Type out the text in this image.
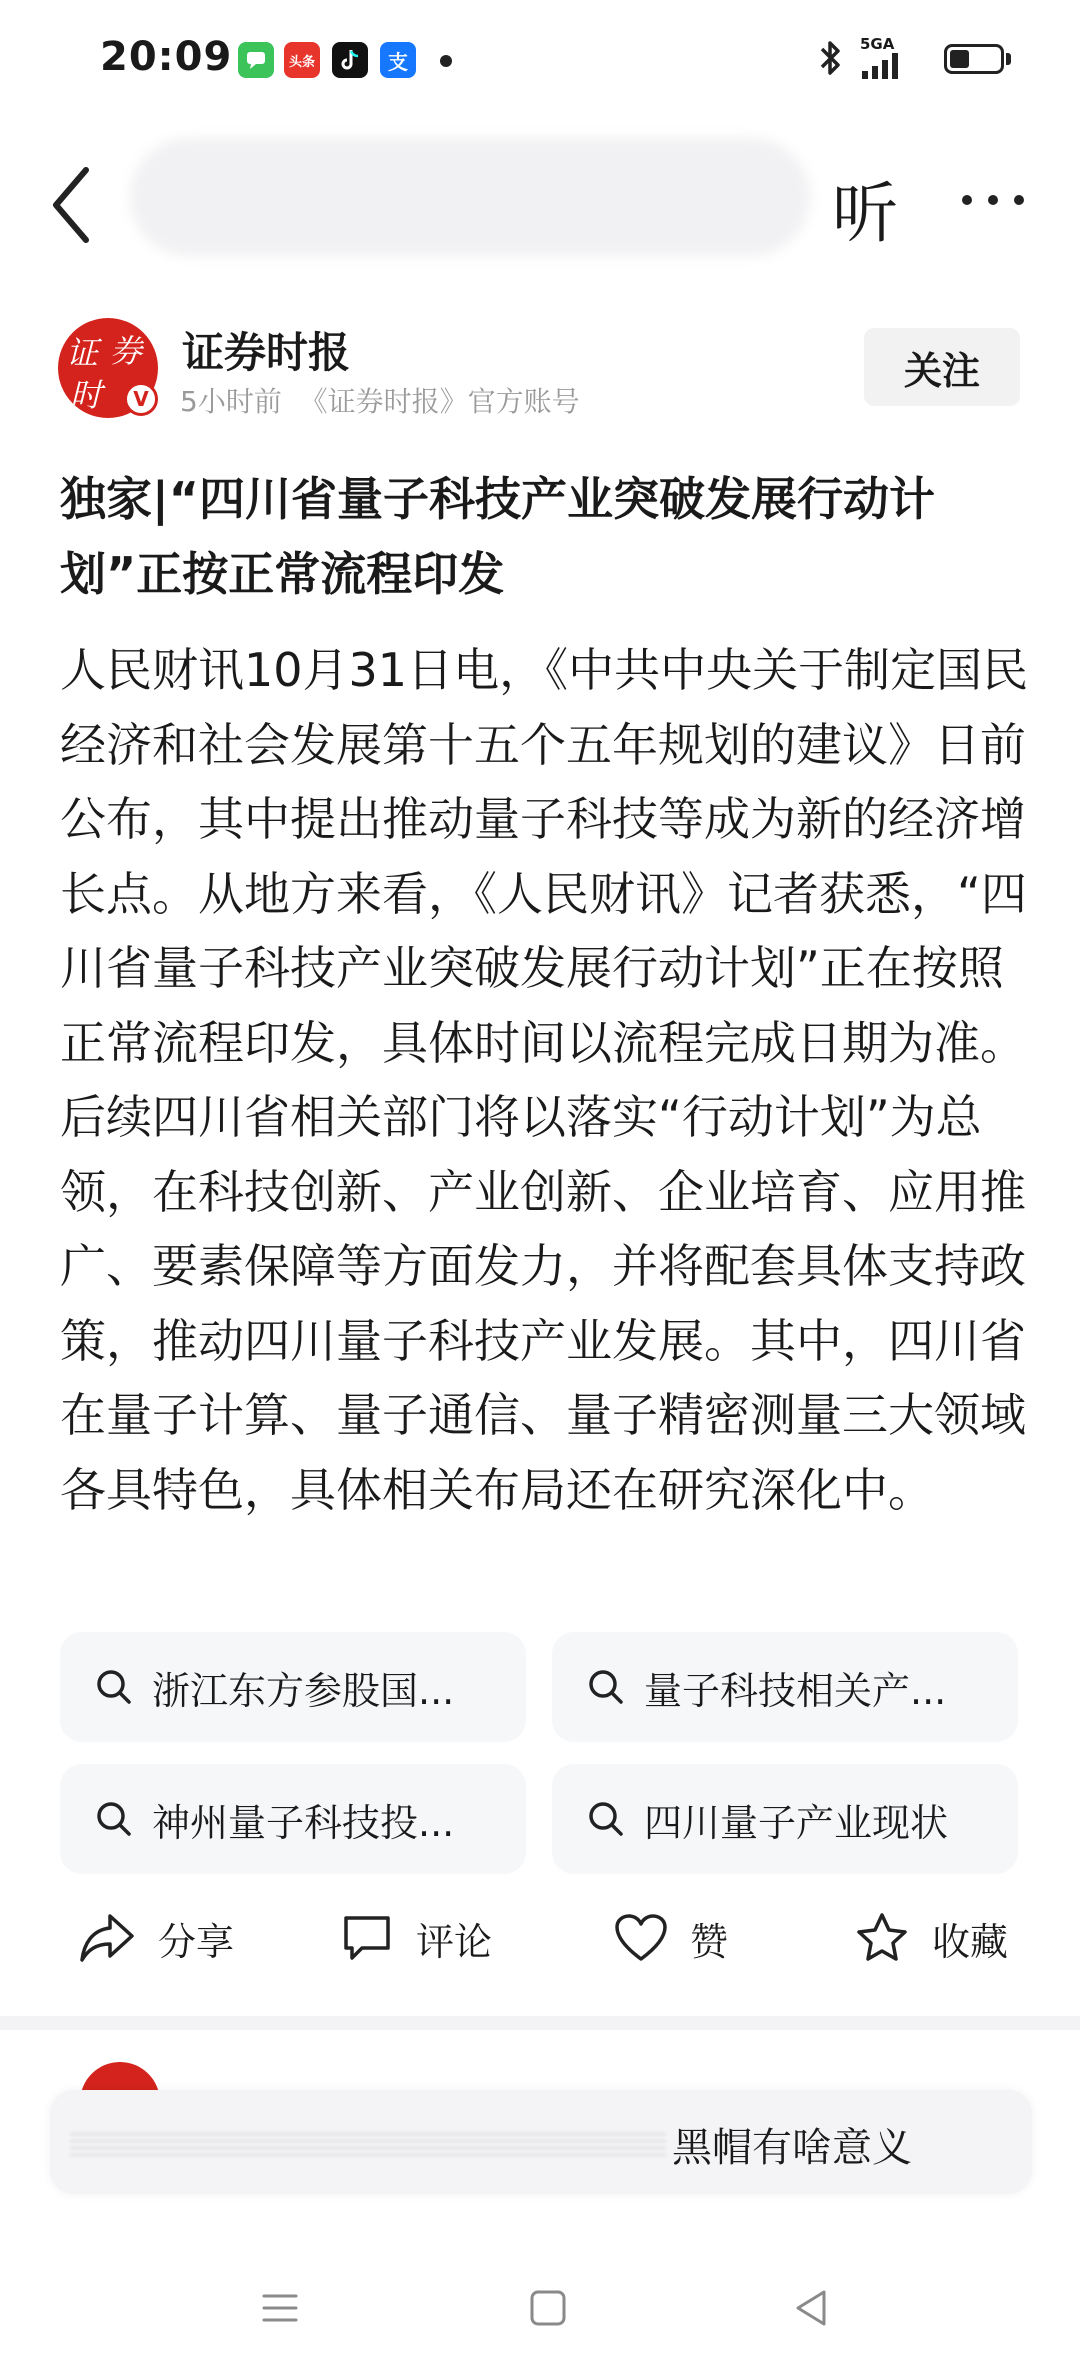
20:09	头条	支
5GA
听
证 券
时	V
证券时报
5小时前  《证券时报》官方账号
关注
独家|“四川省量子科技产业突破发展行动计划”正按正常流程印发
人民财讯10月31日电，《中共中央关于制定国民经济和社会发展第十五个五年规划的建议》日前公布，其中提出推动量子科技等成为新的经济增长点。从地方来看，《人民财讯》记者获悉，“四川省量子科技产业突破发展行动计划”正在按照正常流程印发，具体时间以流程完成日期为准。后续四川省相关部门将以落实“行动计划”为总领，在科技创新、产业创新、企业培育、应用推广、要素保障等方面发力，并将配套具体支持政策，推动四川量子科技产业发展。其中，四川省在量子计算、量子通信、量子精密测量三大领域各具特色，具体相关布局还在研究深化中。
浙江东方参股国...	量子科技相关产...
神州量子科技投...	四川量子产业现状
分享	评论	赞	收藏
黑帽有啥意义
